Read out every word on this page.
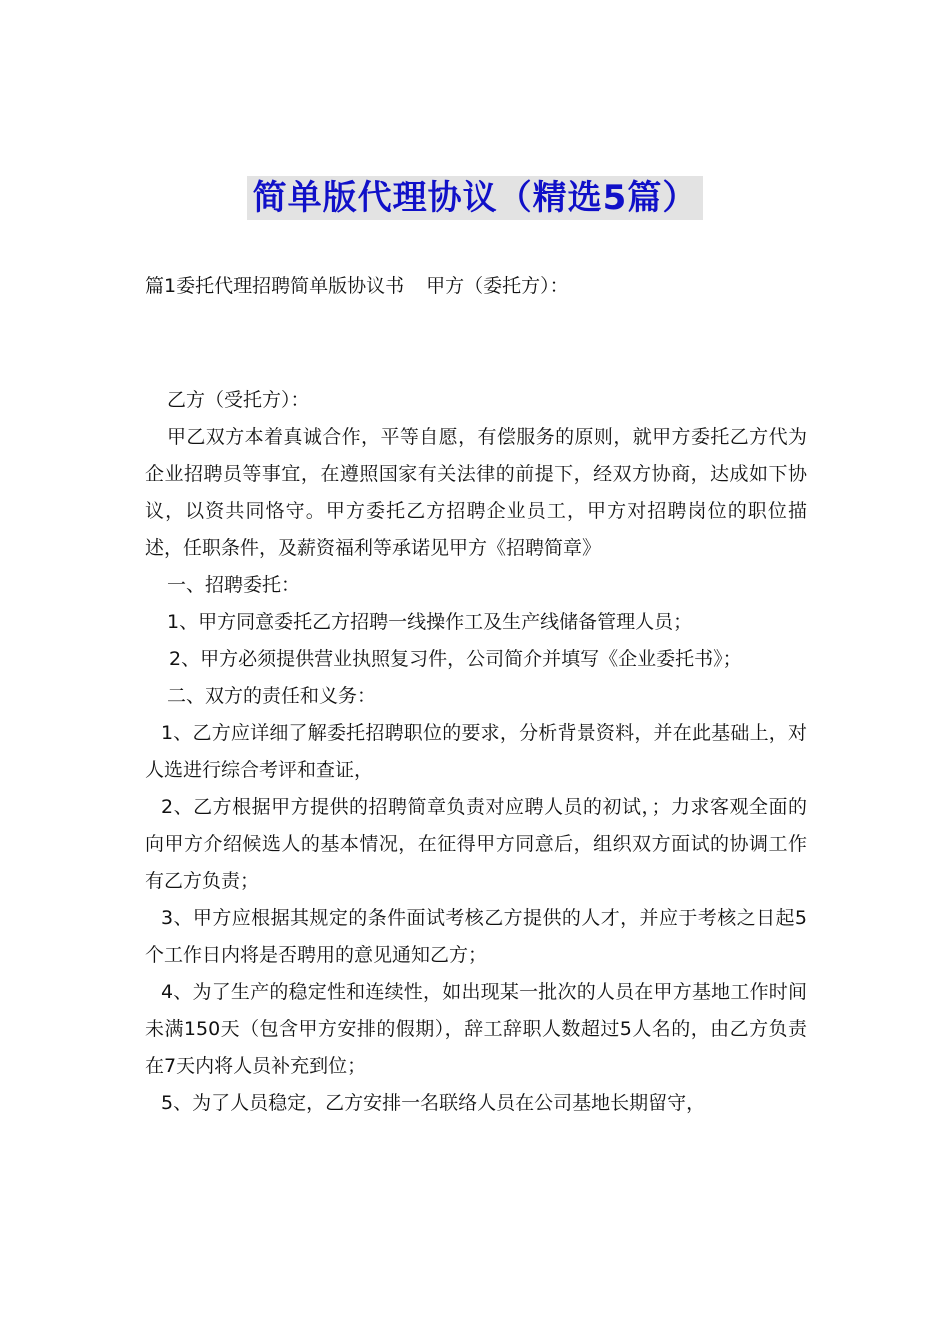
简单版代理协议（精选5篇）
篇1委托代理招聘简单版协议书 甲方（委托方）：

乙方（受托方）：

甲乙双方本着真诚合作，平等自愿，有偿服务的原则，就甲方委托乙方代为企业招聘员等事宜，在遵照国家有关法律的前提下，经双方协商，达成如下协议，以资共同恪守。甲方委托乙方招聘企业员工，甲方对招聘岗位的职位描述，任职条件，及薪资福利等承诺见甲方《招聘简章》

一、招聘委托：

1、甲方同意委托乙方招聘一线操作工及生产线储备管理人员；

2、甲方必须提供营业执照复习件，公司简介并填写《企业委托书》；

二、双方的责任和义务：

1、乙方应详细了解委托招聘职位的要求，分析背景资料，并在此基础上，对人选进行综合考评和查证，

2、乙方根据甲方提供的招聘简章负责对应聘人员的初试，；力求客观全面的向甲方介绍候选人的基本情况，在征得甲方同意后，组织双方面试的协调工作有乙方负责；

3、甲方应根据其规定的条件面试考核乙方提供的人才，并应于考核之日起5个工作日内将是否聘用的意见通知乙方；

4、为了生产的稳定性和连续性，如出现某一批次的人员在甲方基地工作时间未满150天（包含甲方安排的假期），辞工辞职人数超过5人名的，由乙方负责在7天内将人员补充到位；

5、为了人员稳定，乙方安排一名联络人员在公司基地长期留守，
